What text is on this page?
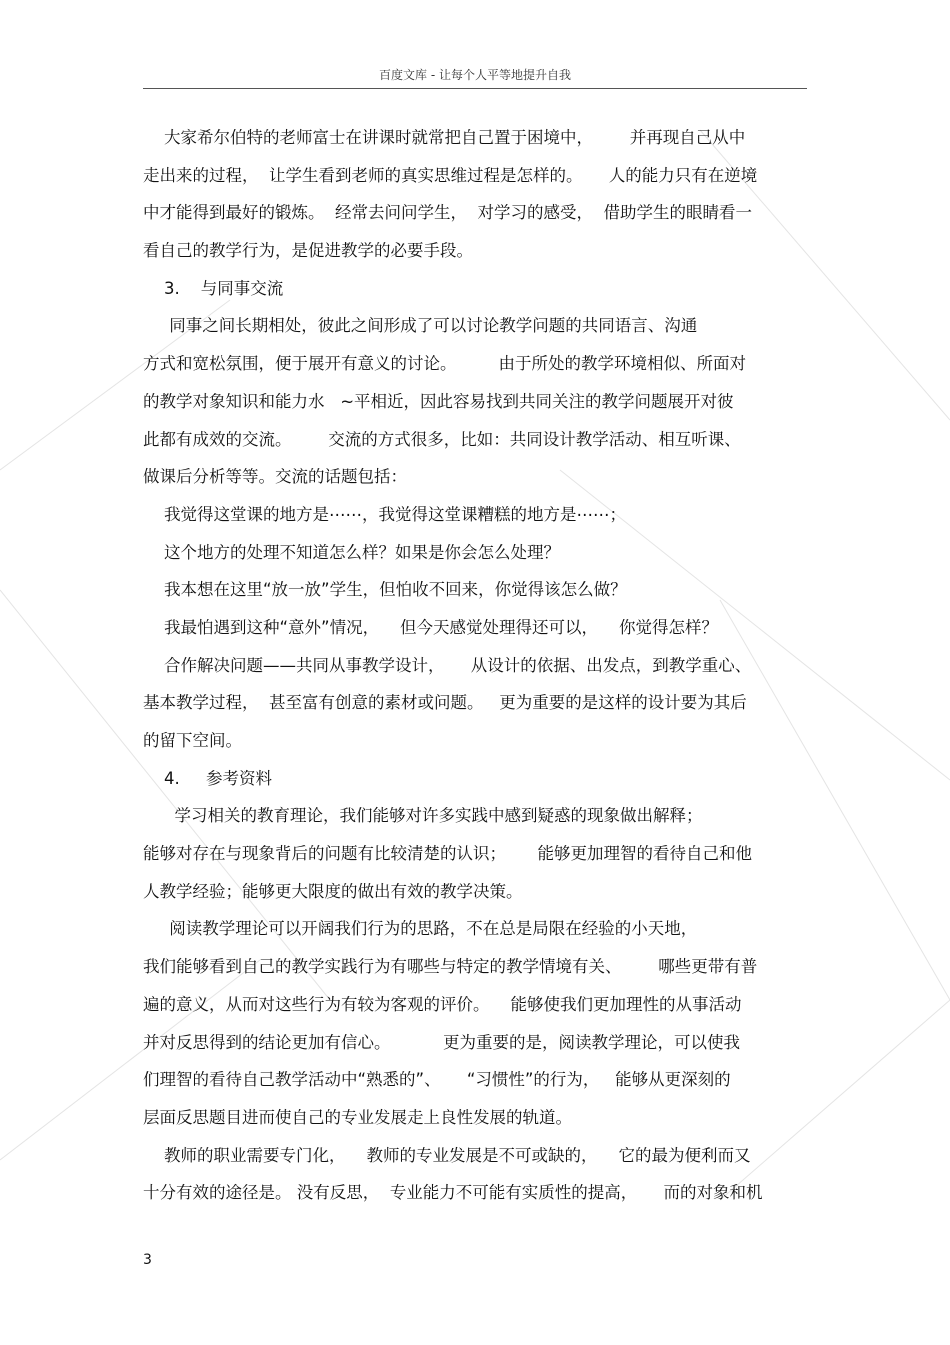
百度文库 - 让每个人平等地提升自我
大家希尔伯特的老师富士在讲课时就常把自己置于困境中，       并再现自己从中
走出来的过程，  让学生看到老师的真实思维过程是怎样的。     人的能力只有在逆境
中才能得到最好的锻炼。  经常去问问学生，  对学习的感受，  借助学生的眼睛看一
看自己的教学行为，是促进教学的必要手段。
3.    与同事交流
同事之间长期相处，彼此之间形成了可以讨论教学问题的共同语言、沟通
方式和宽松氛围，便于展开有意义的讨论。        由于所处的教学环境相似、所面对
的教学对象知识和能力水   ~平相近，因此容易找到共同关注的教学问题展开对彼
此都有成效的交流。       交流的方式很多，比如：共同设计教学活动、相互听课、
做课后分析等等。交流的话题包括：
我觉得这堂课的地方是⋯⋯，我觉得这堂课糟糕的地方是⋯⋯；
这个地方的处理不知道怎么样？如果是你会怎么处理？
我本想在这里“放一放”学生，但怕收不回来，你觉得该怎么做？
我最怕遇到这种“意外”情况，    但今天感觉处理得还可以，    你觉得怎样？
合作解决问题——共同从事教学设计，     从设计的依据、出发点，到教学重心、
基本教学过程，  甚至富有创意的素材或问题。   更为重要的是这样的设计要为其后
的留下空间。
4.     参考资料
学习相关的教育理论，我们能够对许多实践中感到疑惑的现象做出解释；
能够对存在与现象背后的问题有比较清楚的认识；      能够更加理智的看待自己和他
人教学经验；能够更大限度的做出有效的教学决策。
阅读教学理论可以开阔我们行为的思路，不在总是局限在经验的小天地，
我们能够看到自己的教学实践行为有哪些与特定的教学情境有关、       哪些更带有普
遍的意义，从而对这些行为有较为客观的评价。    能够使我们更加理性的从事活动
并对反思得到的结论更加有信心。          更为重要的是，阅读教学理论，可以使我
们理智的看待自己教学活动中“熟悉的”、     “习惯性”的行为，   能够从更深刻的
层面反思题目进而使自己的专业发展走上良性发展的轨道。
教师的职业需要专门化，    教师的专业发展是不可或缺的，    它的最为便利而又
十分有效的途径是。 没有反思，  专业能力不可能有实质性的提高，     而的对象和机
3
